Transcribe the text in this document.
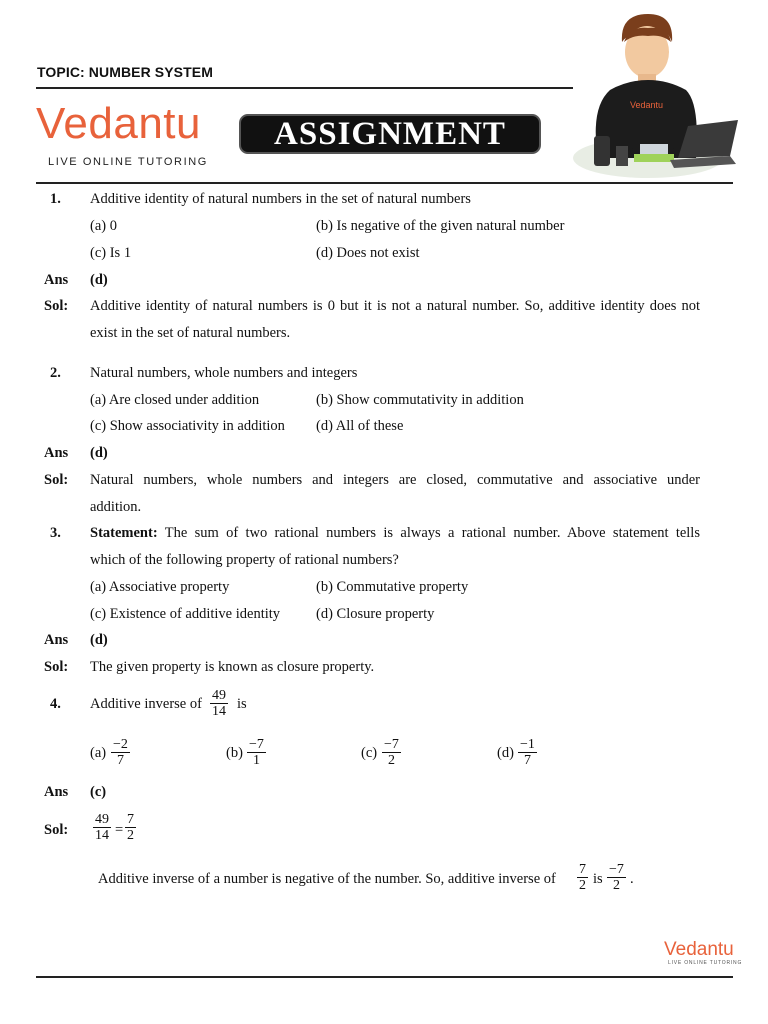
TOPIC: NUMBER SYSTEM
Vedantu
LIVE ONLINE TUTORING
ASSIGNMENT
Vedantu
1. Additive identity of natural numbers in the set of natural numbers
(a) 0	(b) Is negative of the given natural number
(c) Is 1	(d) Does not exist
Ans (d)
Sol: Additive identity of natural numbers is 0 but it is not a natural number. So, additive identity does not
exist in the set of natural numbers.
2. Natural numbers, whole numbers and integers
(a) Are closed under addition	(b) Show commutativity in addition
(c) Show associativity in addition (d) All of these
Ans (d)
Sol: Natural numbers, whole numbers and integers are closed, commutative and associative under
addition.
3. Statement: The sum of two rational numbers is always a rational number. Above statement tells
which of the following property of rational numbers?
(a) Associative property	(b) Commutative property
(c) Existence of additive identity (d) Closure property
Ans (d)
Sol: The given property is known as closure property.
4. Additive inverse of $\frac{49}{14}$ is
$(a) \frac{-2}{7}$	$(b) \frac{-7}{1}$	$(c) \frac{-7}{2}$	$(d) \frac{-1}{7}$
Ans (c)
Sol: $\frac{49}{14} = \frac{7}{2}$
Additive inverse of a number is negative of the number. So, additive inverse of $\frac{7}{2}$ is $\frac{-7}{2}$ .
Vedantu
LIVE ONLINE TUTORING
